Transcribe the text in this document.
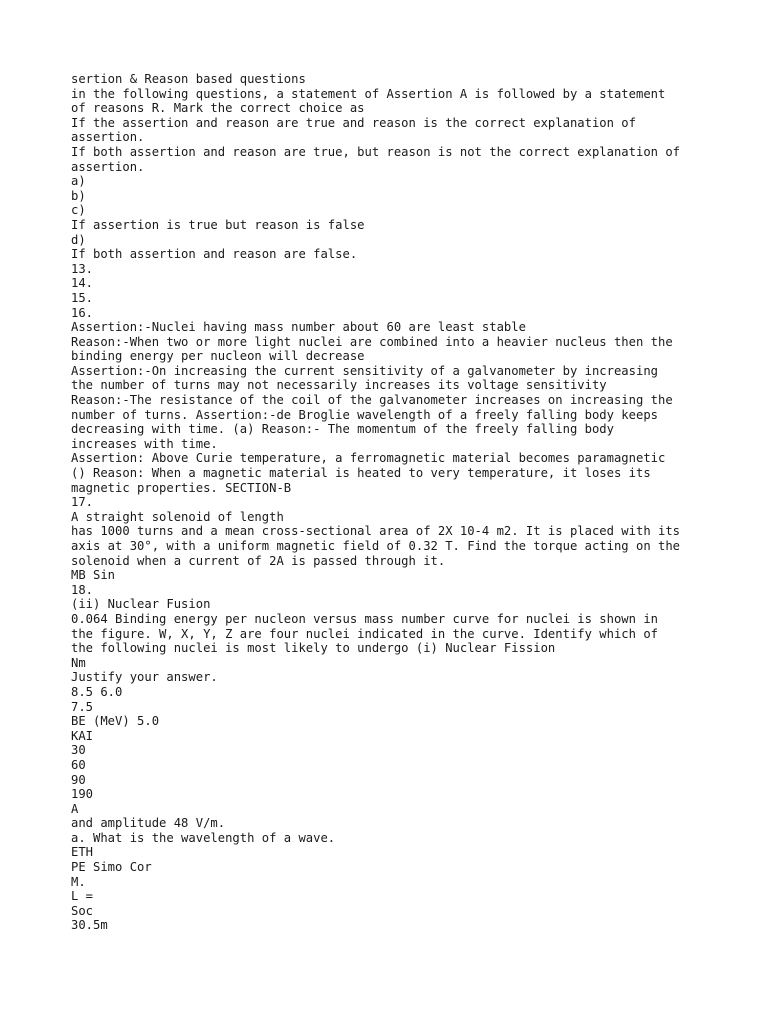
sertion & Reason based questions
in the following questions, a statement of Assertion A is followed by a statement
of reasons R. Mark the correct choice as
If the assertion and reason are true and reason is the correct explanation of
assertion.
If both assertion and reason are true, but reason is not the correct explanation of
assertion.
a)
b)
c)
If assertion is true but reason is false
d)
If both assertion and reason are false.
13.
14.
15.
16.
Assertion:-Nuclei having mass number about 60 are least stable
Reason:-When two or more light nuclei are combined into a heavier nucleus then the
binding energy per nucleon will decrease
Assertion:-On increasing the current sensitivity of a galvanometer by increasing
the number of turns may not necessarily increases its voltage sensitivity
Reason:-The resistance of the coil of the galvanometer increases on increasing the
number of turns. Assertion:-de Broglie wavelength of a freely falling body keeps
decreasing with time. (a) Reason:- The momentum of the freely falling body
increases with time.
Assertion: Above Curie temperature, a ferromagnetic material becomes paramagnetic
() Reason: When a magnetic material is heated to very temperature, it loses its
magnetic properties. SECTION-B
17.
A straight solenoid of length
has 1000 turns and a mean cross-sectional area of 2X 10-4 m2. It is placed with its
axis at 30°, with a uniform magnetic field of 0.32 T. Find the torque acting on the
solenoid when a current of 2A is passed through it.
MB Sin
18.
(ii) Nuclear Fusion
0.064 Binding energy per nucleon versus mass number curve for nuclei is shown in
the figure. W, X, Y, Z are four nuclei indicated in the curve. Identify which of
the following nuclei is most likely to undergo (i) Nuclear Fission
Nm
Justify your answer.
8.5 6.0
7.5
BE (MeV) 5.0
KAI
30
60
90
190
A
and amplitude 48 V/m.
a. What is the wavelength of a wave.
ETH
PE Simo Cor
M.
L =
Soc
30.5m
